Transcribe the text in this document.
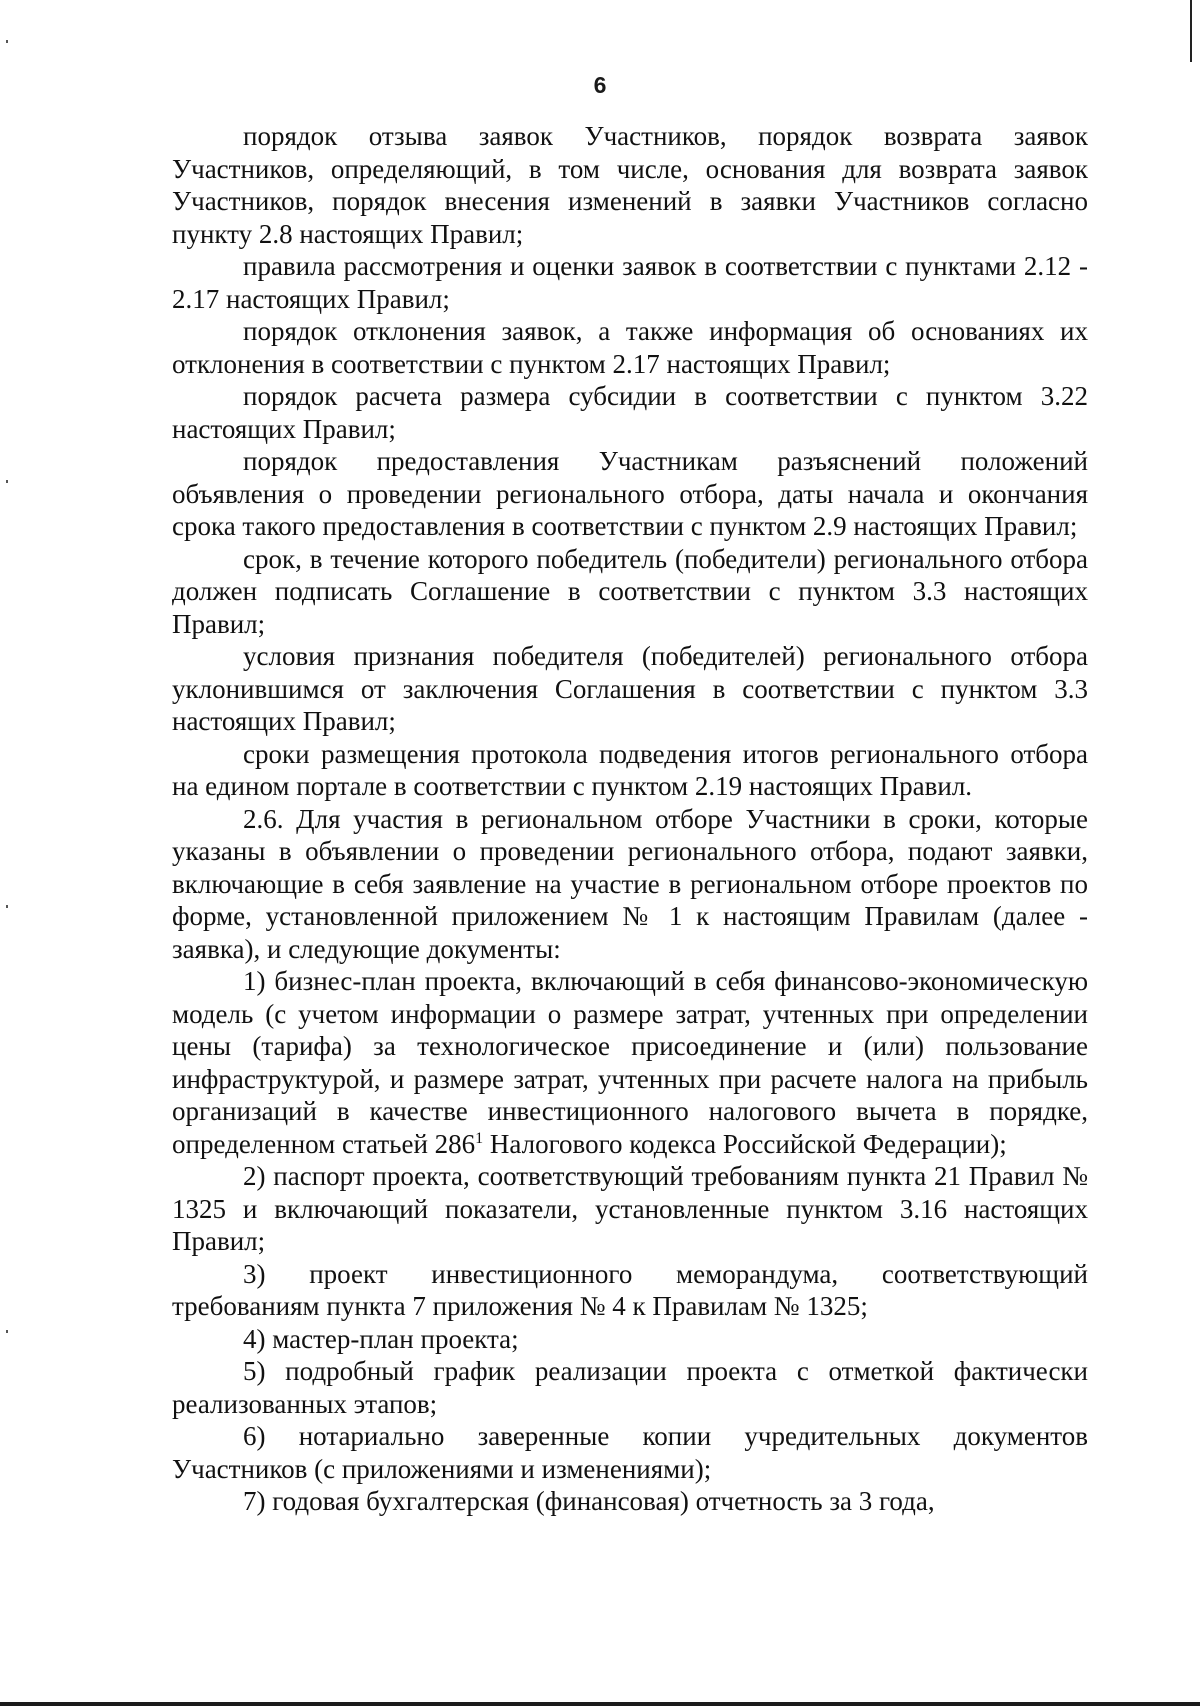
6

порядок отзыва заявок Участников, порядок возврата заявок Участников, определяющий, в том числе, основания для возврата заявок Участников, порядок внесения изменений в заявки Участников согласно пункту 2.8 настоящих Правил;

правила рассмотрения и оценки заявок в соответствии с пунктами 2.12 - 2.17 настоящих Правил;

порядок отклонения заявок, а также информация об основаниях их отклонения в соответствии с пунктом 2.17 настоящих Правил;

порядок расчета размера субсидии в соответствии с пунктом 3.22 настоящих Правил;

порядок предоставления Участникам разъяснений положений объявления о проведении регионального отбора, даты начала и окончания срока такого предоставления в соответствии с пунктом 2.9 настоящих Правил;

срок, в течение которого победитель (победители) регионального отбора должен подписать Соглашение в соответствии с пунктом 3.3 настоящих Правил;

условия признания победителя (победителей) регионального отбора уклонившимся от заключения Соглашения в соответствии с пунктом 3.3 настоящих Правил;

сроки размещения протокола подведения итогов регионального отбора на едином портале в соответствии с пунктом 2.19 настоящих Правил.

2.6. Для участия в региональном отборе Участники в сроки, которые указаны в объявлении о проведении регионального отбора, подают заявки, включающие в себя заявление на участие в региональном отборе проектов по форме, установленной приложением № 1 к настоящим Правилам (далее - заявка), и следующие документы:

1) бизнес-план проекта, включающий в себя финансово-экономическую модель (с учетом информации о размере затрат, учтенных при определении цены (тарифа) за технологическое присоединение и (или) пользование инфраструктурой, и размере затрат, учтенных при расчете налога на прибыль организаций в качестве инвестиционного налогового вычета в порядке, определенном статьей $286^1$ Налогового кодекса Российской Федерации);

2) паспорт проекта, соответствующий требованиям пункта 21 Правил № 1325 и включающий показатели, установленные пунктом 3.16 настоящих Правил;

3) проект инвестиционного меморандума, соответствующий требованиям пункта 7 приложения № 4 к Правилам № 1325;

4) мастер-план проекта;

5) подробный график реализации проекта с отметкой фактически реализованных этапов;

6) нотариально заверенные копии учредительных документов Участников (с приложениями и изменениями);

7) годовая бухгалтерская (финансовая) отчетность за 3 года,
